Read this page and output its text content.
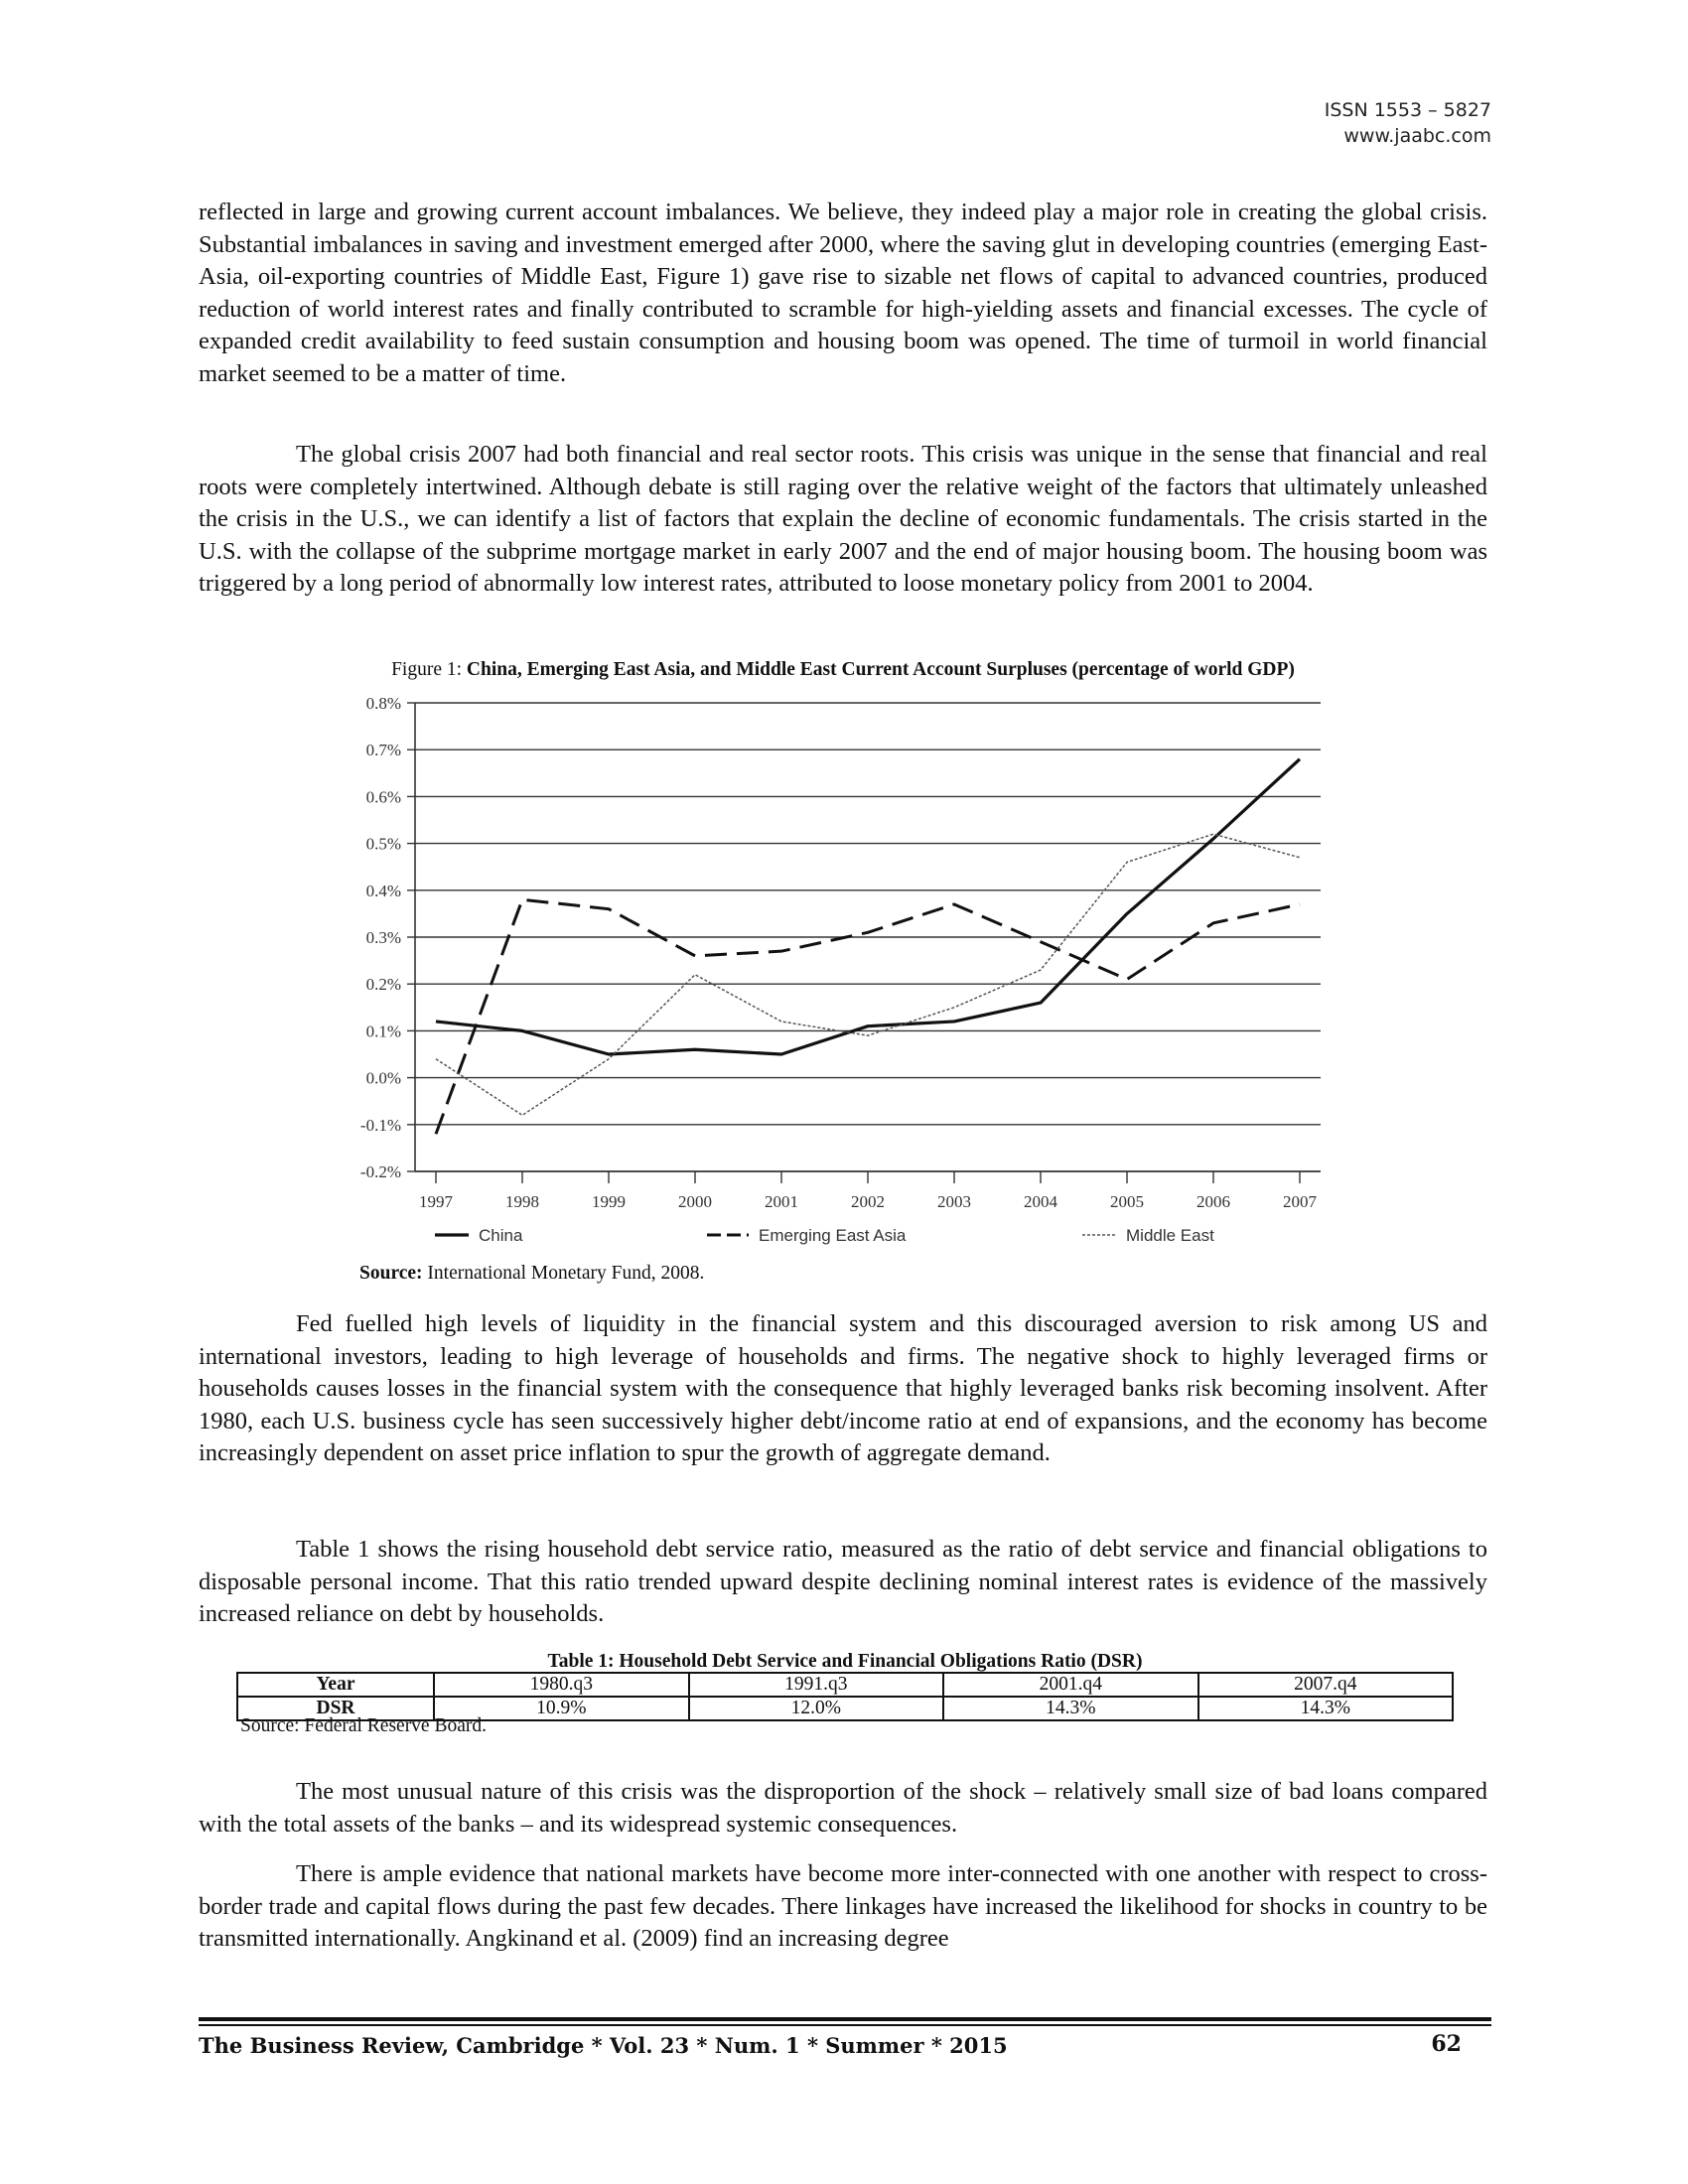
ISSN 1553 – 5827
www.jaabc.com

reflected in large and growing current account imbalances. We believe, they indeed play a major role in creating the global crisis. Substantial imbalances in saving and investment emerged after 2000, where the saving glut in developing countries (emerging East-Asia, oil-exporting countries of Middle East, Figure 1) gave rise to sizable net flows of capital to advanced countries, produced reduction of world interest rates and finally contributed to scramble for high-yielding assets and financial excesses. The cycle of expanded credit availability to feed sustain consumption and housing boom was opened. The time of turmoil in world financial market seemed to be a matter of time.

The global crisis 2007 had both financial and real sector roots. This crisis was unique in the sense that financial and real roots were completely intertwined. Although debate is still raging over the relative weight of the factors that ultimately unleashed the crisis in the U.S., we can identify a list of factors that explain the decline of economic fundamentals. The crisis started in the U.S. with the collapse of the subprime mortgage market in early 2007 and the end of major housing boom. The housing boom was triggered by a long period of abnormally low interest rates, attributed to loose monetary policy from 2001 to 2004.

Figure 1: China, Emerging East Asia, and Middle East Current Account Surpluses (percentage of world GDP)
0.8%
0.7%
0.6%
0.5%
0.4%
0.3%
0.2%
0.1%
0.0%
-0.1%
-0.2%
1997	1998	1999	2000	2001	2002	2003	2004	2005	2006	2007
China	Emerging East Asia	Middle East
Source: International Monetary Fund, 2008.

Fed fuelled high levels of liquidity in the financial system and this discouraged aversion to risk among US and international investors, leading to high leverage of households and firms. The negative shock to highly leveraged firms or households causes losses in the financial system with the consequence that highly leveraged banks risk becoming insolvent. After 1980, each U.S. business cycle has seen successively higher debt/income ratio at end of expansions, and the economy has become increasingly dependent on asset price inflation to spur the growth of aggregate demand.

Table 1 shows the rising household debt service ratio, measured as the ratio of debt service and financial obligations to disposable personal income. That this ratio trended upward despite declining nominal interest rates is evidence of the massively increased reliance on debt by households.

Table 1: Household Debt Service and Financial Obligations Ratio (DSR)
Year	1980.q3	1991.q3	2001.q4	2007.q4
DSR	10.9%	12.0%	14.3%	14.3%
Source: Federal Reserve Board.

The most unusual nature of this crisis was the disproportion of the shock – relatively small size of bad loans compared with the total assets of the banks – and its widespread systemic consequences.

There is ample evidence that national markets have become more inter-connected with one another with respect to cross-border trade and capital flows during the past few decades. There linkages have increased the likelihood for shocks in country to be transmitted internationally. Angkinand et al. (2009) find an increasing degree

The Business Review, Cambridge * Vol. 23 * Num. 1 * Summer * 2015	62
